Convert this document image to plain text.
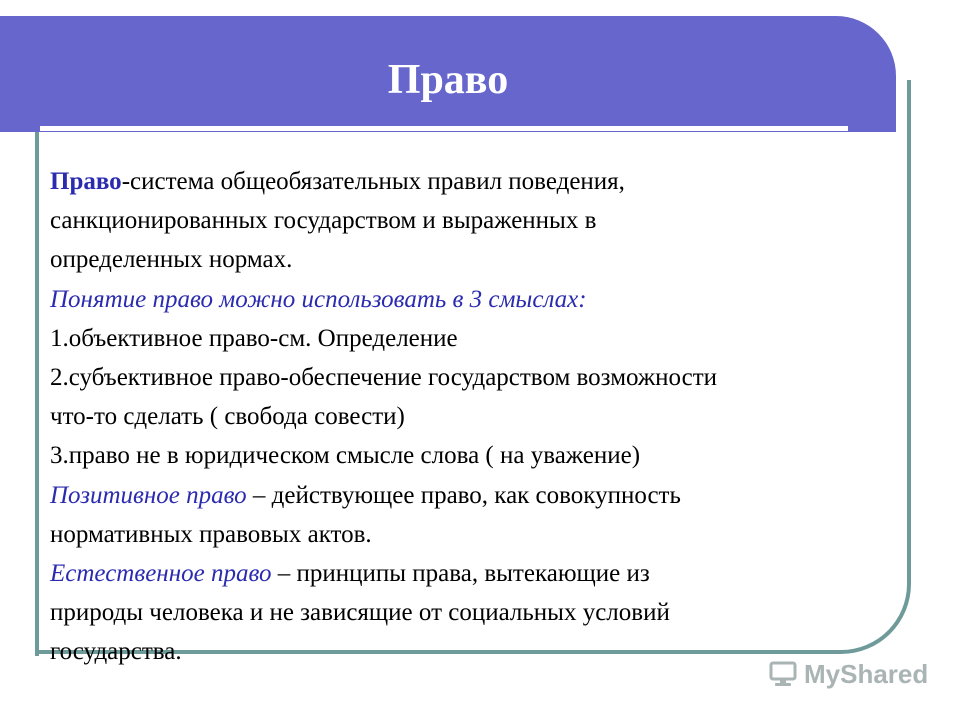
Право
Право-система общеобязательных правил поведения,
санкционированных государством и выраженных в
определенных нормах.
Понятие право можно использовать в 3 смыслах:
1.объективное право-см. Определение
2.субъективное право-обеспечение государством возможности
что-то сделать ( свобода совести)
3.право не в юридическом смысле слова ( на уважение)
Позитивное право – действующее право, как совокупность
нормативных правовых актов.
Естественное право – принципы права, вытекающие из
природы человека и не зависящие от социальных условий
государства.
MyShared
